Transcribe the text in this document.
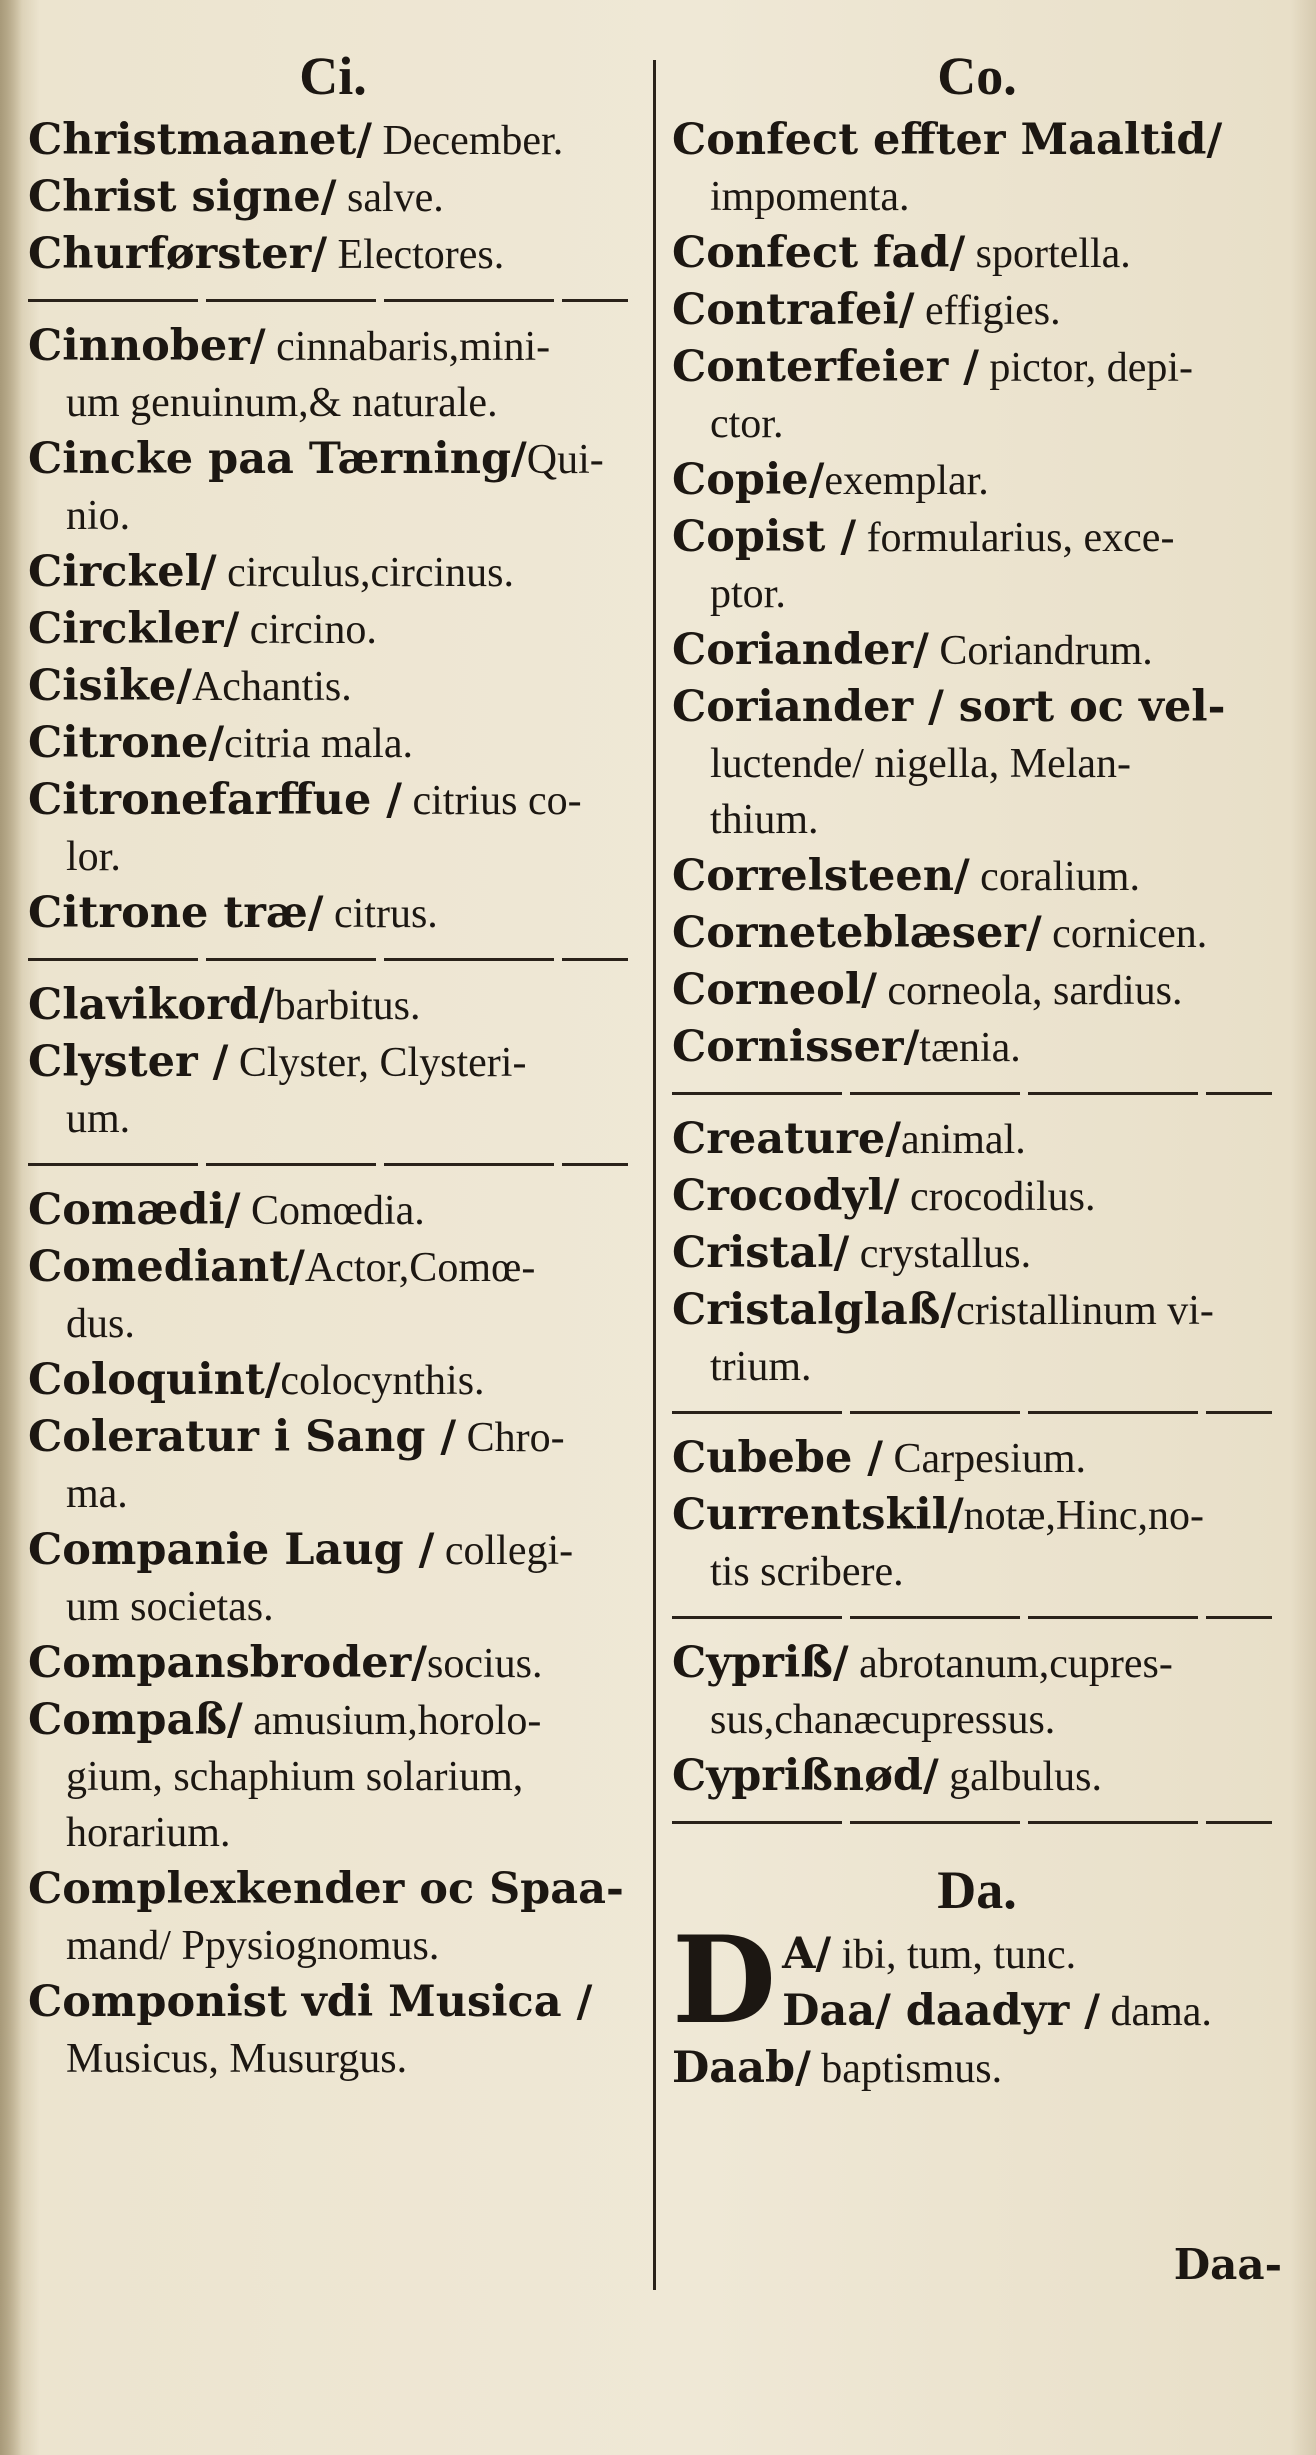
Ci.
Christmaanet/ December.
Christ signe/ salve.
Churførster/ Electores.
Cinnober/ cinnabaris,mini-
um genuinum,& naturale.
Cincke paa Tærning/Qui-
nio.
Circkel/ circulus,circinus.
Circkler/ circino.
Cisike/Achantis.
Citrone/citria mala.
Citronefarffue / citrius co-
lor.
Citrone træ/ citrus.
Clavikord/barbitus.
Clyster / Clyster, Clysteri-
um.
Comædi/ Comœdia.
Comediant/Actor,Comœ-
dus.
Coloquint/colocynthis.
Coleratur i Sang / Chro-
ma.
Companie Laug / collegi-
um societas.
Compansbroder/socius.
Compaß/ amusium,horolo-
gium, schaphium solarium,
horarium.
Complexkender oc Spaa-
mand/ Ppysiognomus.
Componist vdi Musica /
Musicus, Musurgus.
Co.
Confect effter Maaltid/
impomenta.
Confect fad/ sportella.
Contrafei/ effigies.
Conterfeier / pictor, depi-
ctor.
Copie/exemplar.
Copist / formularius, exce-
ptor.
Coriander/ Coriandrum.
Coriander / sort oc vel-
luctende/ nigella, Melan-
thium.
Correlsteen/ coralium.
Corneteblæser/ cornicen.
Corneol/ corneola, sardius.
Cornisser/tænia.
Creature/animal.
Crocodyl/ crocodilus.
Cristal/ crystallus.
Cristalglaß/cristallinum vi-
trium.
Cubebe / Carpesium.
Currentskil/notæ,Hinc,no-
tis scribere.
Cypriß/ abrotanum,cupres-
sus,chanæcupressus.
Cyprißnød/ galbulus.
Da.
D A/ ibi, tum, tunc.
Daa/ daadyr / dama.
Daab/ baptismus.
Daa-
